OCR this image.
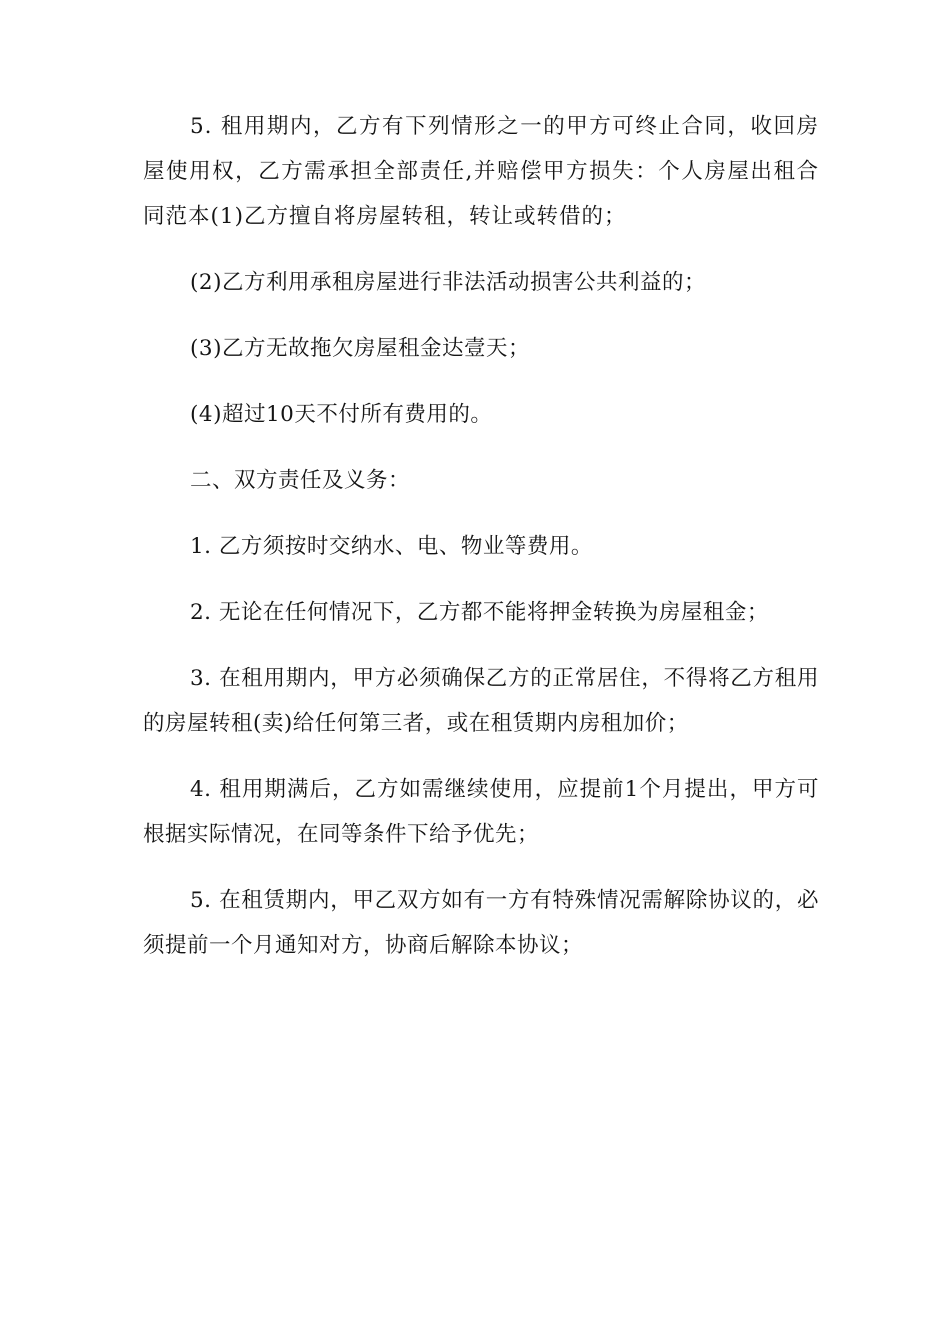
5. 租用期内，乙方有下列情形之一的甲方可终止合同，收回房屋使用权，乙方需承担全部责任,并赔偿甲方损失：个人房屋出租合同范本(1)乙方擅自将房屋转租，转让或转借的；

(2)乙方利用承租房屋进行非法活动损害公共利益的；

(3)乙方无故拖欠房屋租金达壹天；

(4)超过10天不付所有费用的。

二、双方责任及义务：

1. 乙方须按时交纳水、电、物业等费用。

2. 无论在任何情况下，乙方都不能将押金转换为房屋租金；

3. 在租用期内，甲方必须确保乙方的正常居住，不得将乙方租用的房屋转租(卖)给任何第三者，或在租赁期内房租加价；

4. 租用期满后，乙方如需继续使用，应提前1个月提出，甲方可根据实际情况，在同等条件下给予优先；

5. 在租赁期内，甲乙双方如有一方有特殊情况需解除协议的，必须提前一个月通知对方，协商后解除本协议；
